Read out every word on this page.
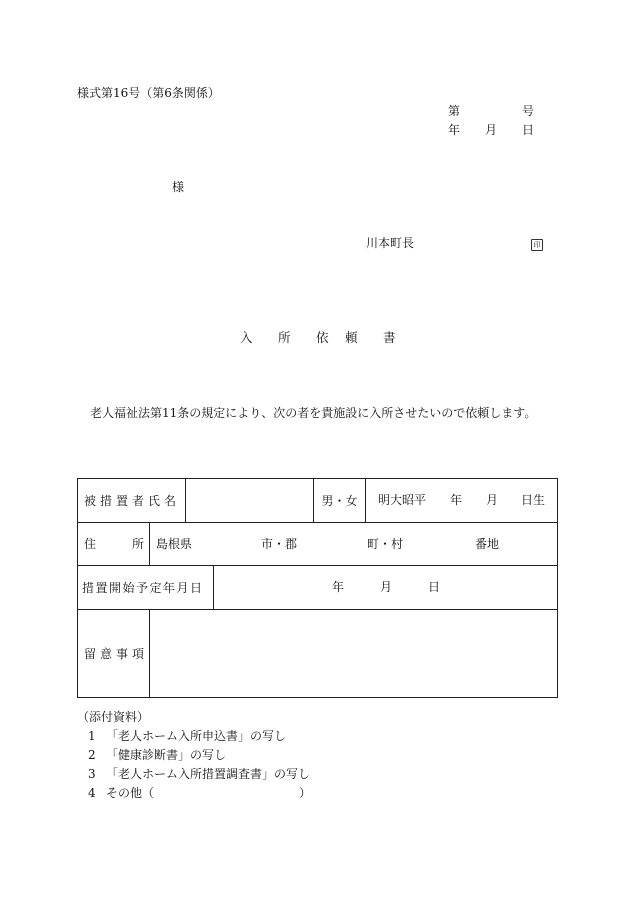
様式第16号（第6条関係）
第	号
年 月 日
様
川本町長	印
入 所 依 頼 書
老人福祉法第11条の規定により、次の者を貴施設に入所させたいので依頼します。
被措置者氏名				男・女	明大昭平 年 月 日生

住 所	島根県 市・郡 町・村 番地				

措置開始予定年月日			年 月 日		

留意事項					
（添付資料）
1 「老人ホーム入所申込書」の写し
2 「健康診断書」の写し
3 「老人ホーム入所措置調査書」の写し
4 その他（	）
